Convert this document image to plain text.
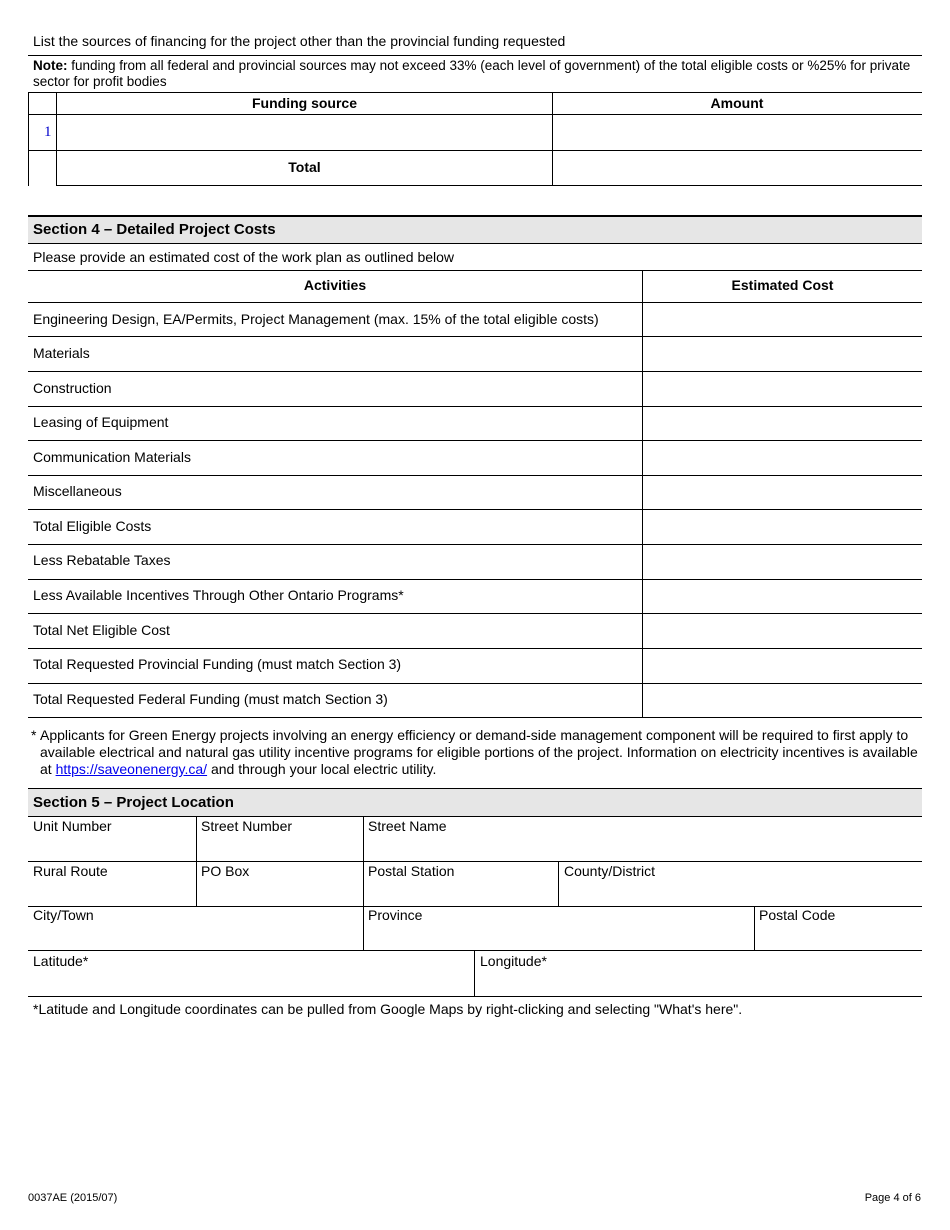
List the sources of financing for the project other than the provincial funding requested
Note: funding from all federal and provincial sources may not exceed 33% (each level of government) of the total eligible costs or %25% for private sector for profit bodies
Funding source	Amount
1
Total
Section 4 – Detailed Project Costs
Please provide an estimated cost of the work plan as outlined below
Activities	Estimated Cost
Engineering Design, EA/Permits, Project Management (max. 15% of the total eligible costs)
Materials
Construction
Leasing of Equipment
Communication Materials
Miscellaneous
Total Eligible Costs
Less Rebatable Taxes
Less Available Incentives Through Other Ontario Programs*
Total Net Eligible Cost
Total Requested Provincial Funding (must match Section 3)
Total Requested Federal Funding (must match Section 3)
* Applicants for Green Energy projects involving an energy efficiency or demand-side management component will be required to first apply to
available electrical and natural gas utility incentive programs for eligible portions of the project. Information on electricity incentives is available
at https://saveonenergy.ca/ and through your local electric utility.
Section 5 – Project Location
Unit Number	Street Number	Street Name
Rural Route	PO Box	Postal Station	County/District
City/Town	Province	Postal Code
Latitude*	Longitude*
*Latitude and Longitude coordinates can be pulled from Google Maps by right-clicking and selecting "What's here".
0037AE (2015/07)	Page 4 of 6
